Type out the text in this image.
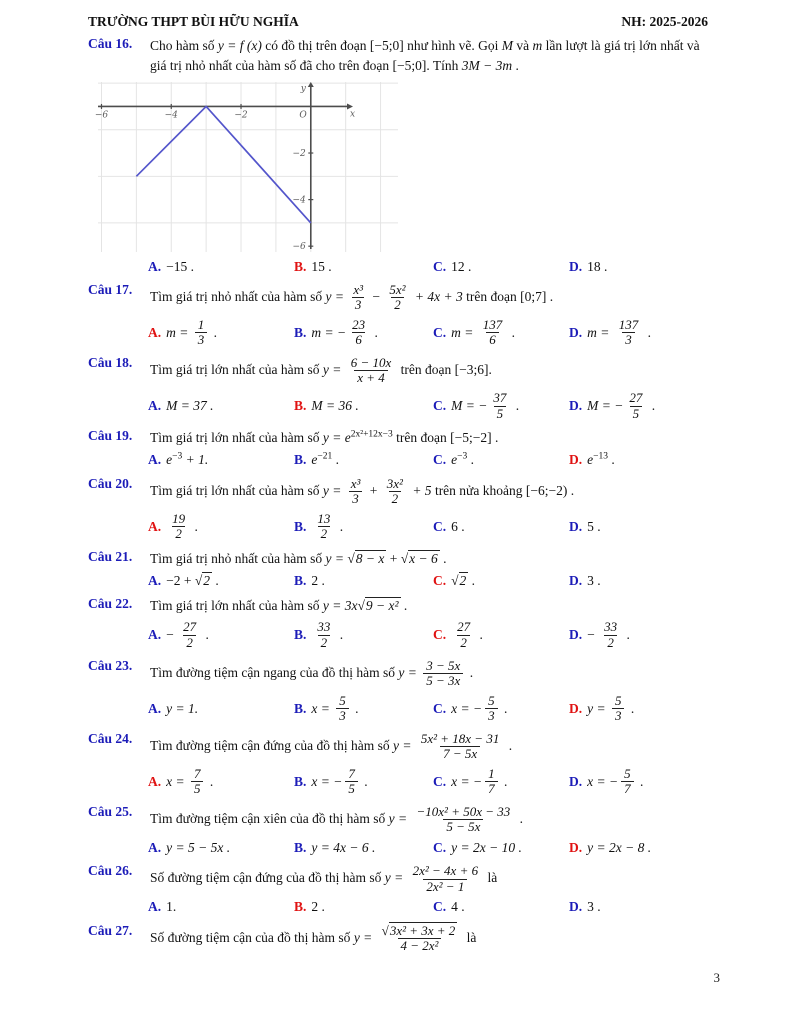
TRƯỜNG THPT BÙI HỮU NGHĨA	NH: 2025-2026
Câu 16.	Cho hàm số y = f (x) có đồ thị trên đoạn [−5;0] như hình vẽ. Gọi M và m lần lượt là giá trị lớn nhất và giá trị nhỏ nhất của hàm số đã cho trên đoạn [−5;0]. Tính 3M − 3m .
−6	−4	−2
−2
−4
−6
x
y
O
A. −15 .	B. 15 .	C. 12 .	D. 18 .
Câu 17.	Tìm giá trị nhỏ nhất của hàm số $y = \frac{\text{x³}}{3} - \frac{\text{5x²}}{2} + 4x + 3$ trên đoạn [0;7] .
A. $m = \frac{1}{3}$ .	B. m = − $\frac{23}{6}$ .	C. $m = \frac{137}{6}$ .	D. $m = \frac{137}{3}$ .
Câu 18.	Tìm giá trị lớn nhất của hàm số $y = \frac{6 - 10x}{x + 4}$ trên đoạn [−3;6].
A. M = 37 .	B. M = 36 .	C. M = − $\frac{37}{5}$ .	D. M = − $\frac{27}{5}$ .
Câu 19.	Tìm giá trị lớn nhất của hàm số $y = e^{2x^2+12x-3}$ trên đoạn [−5;−2] .
A. $e^{-3} + 1$.	B. $e^{-21}$ .	C. $e^{-3}$ .	D. $e^{-13}$ .
Câu 20.	Tìm giá trị lớn nhất của hàm số $y = \frac{\text{x³}}{3} + \frac{\text{3x²}}{2} + 5$ trên nửa khoảng [−6;−2) .
A. $\frac{19}{2}$ .	B. $\frac{13}{2}$ .	C. 6 .	D. 5 .
Câu 21.	Tìm giá trị nhỏ nhất của hàm số y = √8 − x + √x − 6 .
A. −2 + √2 .	B. 2 .	C. √2 .	D. 3 .
Câu 22.	Tìm giá trị lớn nhất của hàm số y = 3x√9 − x² .
A. − $\frac{27}{2}$ .	B. $\frac{33}{2}$ .	C. $\frac{27}{2}$ .	D. − $\frac{33}{2}$ .
Câu 23.	Tìm đường tiệm cận ngang của đồ thị hàm số $y = \frac{3 - 5x}{5 - 3x}$ .
A. y = 1.	B. $x = \frac{5}{3}$ .	C. x = − $\frac{5}{3}$ .	D. $y = \frac{5}{3}$ .
Câu 24.	Tìm đường tiệm cận đứng của đồ thị hàm số $y = \frac{\text{5x² + 18x − 31}}{7 - 5x}$ .
A. $x = \frac{7}{5}$ .	B. x = − $\frac{7}{5}$ .	C. x = − $\frac{1}{7}$ .	D. x = − $\frac{5}{7}$ .
Câu 25.	Tìm đường tiệm cận xiên của đồ thị hàm số $y = \frac{\text{−10x² + 50x − 33}}{5 - 5x}$ .
A. y = 5 − 5x .	B. y = 4x − 6 .	C. y = 2x − 10 .	D. y = 2x − 8 .
Câu 26.	Số đường tiệm cận đứng của đồ thị hàm số $y = \frac{\text{2x² − 4x + 6}}{\text{2x² − 1}}$ là
A. 1.	B. 2 .	C. 4 .	D. 3 .
Câu 27.	Số đường tiệm cận của đồ thị hàm số $y = \frac{\text{√3x² + 3x + 2}}{\text{4 − 2x²}}$ là
3
